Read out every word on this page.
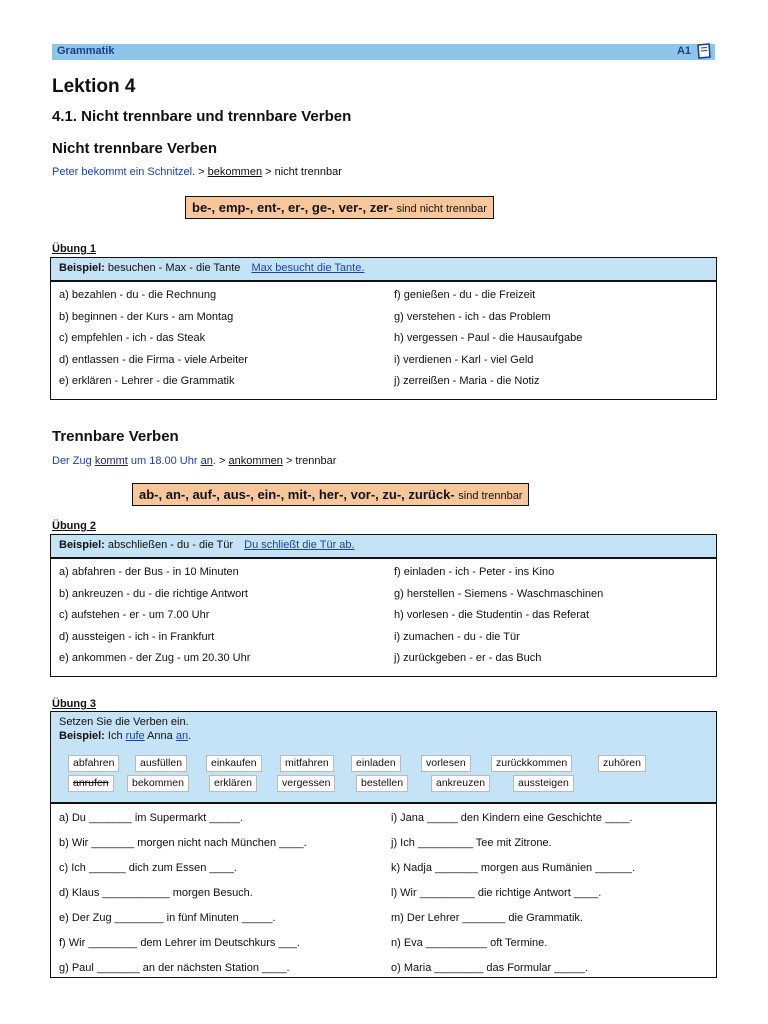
Grammatik	A1
Lektion 4
4.1. Nicht trennbare und trennbare Verben
Nicht trennbare Verben
Peter bekommt ein Schnitzel. > bekommen > nicht trennbar
be-, emp-, ent-, er-, ge-, ver-, zer- sind nicht trennbar
Übung 1
Beispiel: besuchen - Max - die Tante Max besucht die Tante.
a) bezahlen - du - die Rechnung
b) beginnen - der Kurs - am Montag
c) empfehlen - ich - das Steak
d) entlassen - die Firma - viele Arbeiter
e) erklären - Lehrer - die Grammatik
f) genießen - du - die Freizeit
g) verstehen - ich - das Problem
h) vergessen - Paul - die Hausaufgabe
i) verdienen - Karl - viel Geld
j) zerreißen - Maria - die Notiz
Trennbare Verben
Der Zug kommt um 18.00 Uhr an. > ankommen > trennbar
ab-, an-, auf-, aus-, ein-, mit-, her-, vor-, zu-, zurück- sind trennbar
Übung 2
Beispiel: abschließen - du - die Tür Du schließt die Tür ab.
a) abfahren - der Bus - in 10 Minuten
b) ankreuzen - du - die richtige Antwort
c) aufstehen - er - um 7.00 Uhr
d) aussteigen - ich - in Frankfurt
e) ankommen - der Zug - um 20.30 Uhr
f) einladen - ich - Peter - ins Kino
g) herstellen - Siemens - Waschmaschinen
h) vorlesen - die Studentin - das Referat
i) zumachen - du - die Tür
j) zurückgeben - er - das Buch
Übung 3
Setzen Sie die Verben ein.
Beispiel: Ich rufe Anna an.
abfahren	ausfüllen	einkaufen	mitfahren	einladen	vorlesen	zurückkommen	zuhören
anrufen	bekommen	erklären	vergessen	bestellen	ankreuzen	aussteigen
a) Du _______ im Supermarkt _____.
b) Wir _______ morgen nicht nach München ____.
c) Ich ______ dich zum Essen ____.
d) Klaus ___________ morgen Besuch.
e) Der Zug ________ in fünf Minuten _____.
f) Wir ________ dem Lehrer im Deutschkurs ___.
g) Paul _______ an der nächsten Station ____.
i) Jana _____ den Kindern eine Geschichte ____.
j) Ich _________ Tee mit Zitrone.
k) Nadja _______ morgen aus Rumänien ______.
l) Wir _________ die richtige Antwort ____.
m) Der Lehrer _______ die Grammatik.
n) Eva __________ oft Termine.
o) Maria ________ das Formular _____.
